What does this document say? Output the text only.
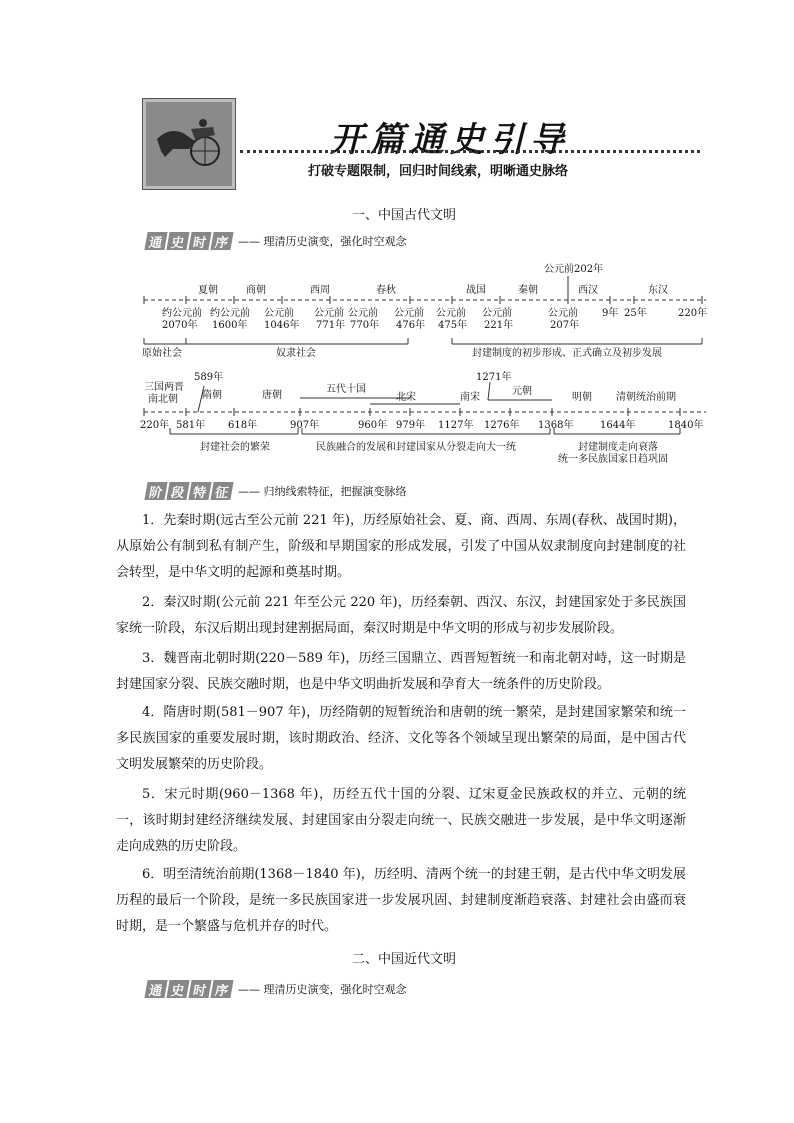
开篇通史引导
打破专题限制，回归时间线索，明晰通史脉络
一、中国古代文明
通 史 时 序 —— 理清历史演变，强化时空观念
夏朝	商朝	西周	春秋	战国	秦朝	西汉	东汉
公元前202年
约公元前
2070年
约公元前
1600年
公元前
1046年
公元前
771年
公元前
770年
公元前
476年
公元前
475年
公元前
221年
公元前
207年
9年 25年	220年
原始社会	奴隶社会	封建制度的初步形成、正式确立及初步发展
三国两晋
南北朝 隋朝	唐朝
五代十国
北宋	南宋
元朝
明朝 清朝统治前期
589年	1271年
220年 581年 618年	907年	960年 979年 1127年 1276年 1368年	1644年	1840年
封建社会的繁荣	民族融合的发展和封建国家从分裂走向大一统	封建制度走向衰落
统一多民族国家日趋巩固
阶 段 特 征 —— 归纳线索特征，把握演变脉络

1．先秦时期(远古至公元前 221 年)，历经原始社会、夏、商、西周、东周(春秋、战国时期)，从原始公有制到私有制产生，阶级和早期国家的形成发展，引发了中国从奴隶制度向封建制度的社会转型，是中华文明的起源和奠基时期。

2．秦汉时期(公元前 221 年至公元 220 年)，历经秦朝、西汉、东汉，封建国家处于多民族国家统一阶段，东汉后期出现封建割据局面，秦汉时期是中华文明的形成与初步发展阶段。

3．魏晋南北朝时期(220－589 年)，历经三国鼎立、西晋短暂统一和南北朝对峙，这一时期是封建国家分裂、民族交融时期，也是中华文明曲折发展和孕育大一统条件的历史阶段。

4．隋唐时期(581－907 年)，历经隋朝的短暂统治和唐朝的统一繁荣，是封建国家繁荣和统一多民族国家的重要发展时期，该时期政治、经济、文化等各个领域呈现出繁荣的局面，是中国古代文明发展繁荣的历史阶段。

5．宋元时期(960－1368 年)，历经五代十国的分裂、辽宋夏金民族政权的并立、元朝的统一，该时期封建经济继续发展、封建国家由分裂走向统一、民族交融进一步发展，是中华文明逐渐走向成熟的历史阶段。

6．明至清统治前期(1368－1840 年)，历经明、清两个统一的封建王朝，是古代中华文明发展历程的最后一个阶段，是统一多民族国家进一步发展巩固、封建制度渐趋衰落、封建社会由盛而衰时期，是一个繁盛与危机并存的时代。

二、中国近代文明
通 史 时 序 —— 理清历史演变，强化时空观念
